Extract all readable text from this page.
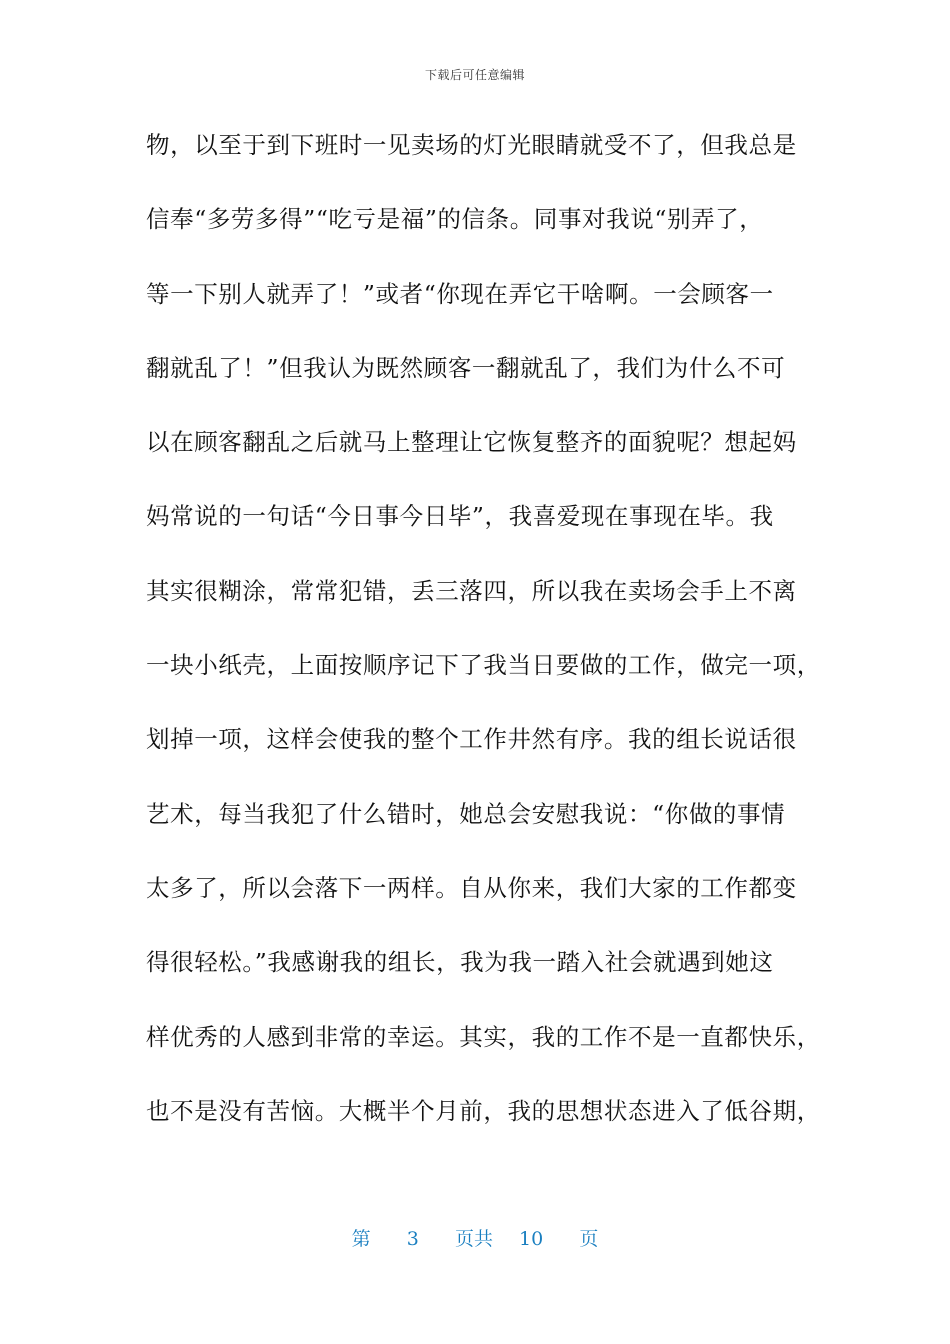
下载后可任意编辑
物，以至于到下班时一见卖场的灯光眼睛就受不了，但我总是
信奉“多劳多得”“吃亏是福”的信条。同事对我说“别弄了，
等一下别人就弄了！”或者“你现在弄它干啥啊。一会顾客一
翻就乱了！”但我认为既然顾客一翻就乱了，我们为什么不可
以在顾客翻乱之后就马上整理让它恢复整齐的面貌呢？想起妈
妈常说的一句话“今日事今日毕”，我喜爱现在事现在毕。我
其实很糊涂，常常犯错，丢三落四，所以我在卖场会手上不离
一块小纸壳，上面按顺序记下了我当日要做的工作，做完一项，
划掉一项，这样会使我的整个工作井然有序。我的组长说话很
艺术，每当我犯了什么错时，她总会安慰我说：“你做的事情
太多了，所以会落下一两样。自从你来，我们大家的工作都变
得很轻松。”我感谢我的组长，我为我一踏入社会就遇到她这
样优秀的人感到非常的幸运。其实，我的工作不是一直都快乐，
也不是没有苦恼。大概半个月前，我的思想状态进入了低谷期，
第 3 页共 10 页
